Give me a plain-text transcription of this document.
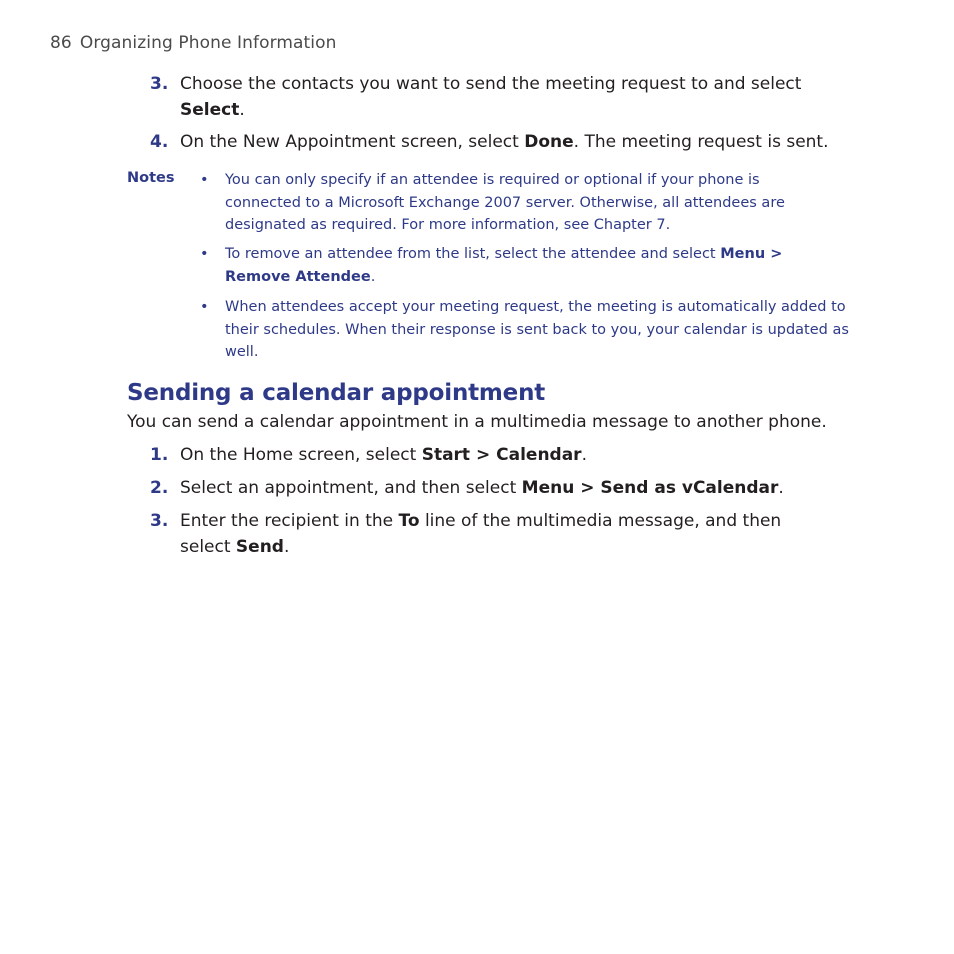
86 Organizing Phone Information
3. Choose the contacts you want to send the meeting request to and select Select.
4. On the New Appointment screen, select Done. The meeting request is sent.
Notes • You can only specify if an attendee is required or optional if your phone is connected to a Microsoft Exchange 2007 server. Otherwise, all attendees are designated as required. For more information, see Chapter 7.
• To remove an attendee from the list, select the attendee and select Menu > Remove Attendee.
• When attendees accept your meeting request, the meeting is automatically added to their schedules. When their response is sent back to you, your calendar is updated as well.
Sending a calendar appointment
You can send a calendar appointment in a multimedia message to another phone.
1. On the Home screen, select Start > Calendar.
2. Select an appointment, and then select Menu > Send as vCalendar.
3. Enter the recipient in the To line of the multimedia message, and then select Send.
